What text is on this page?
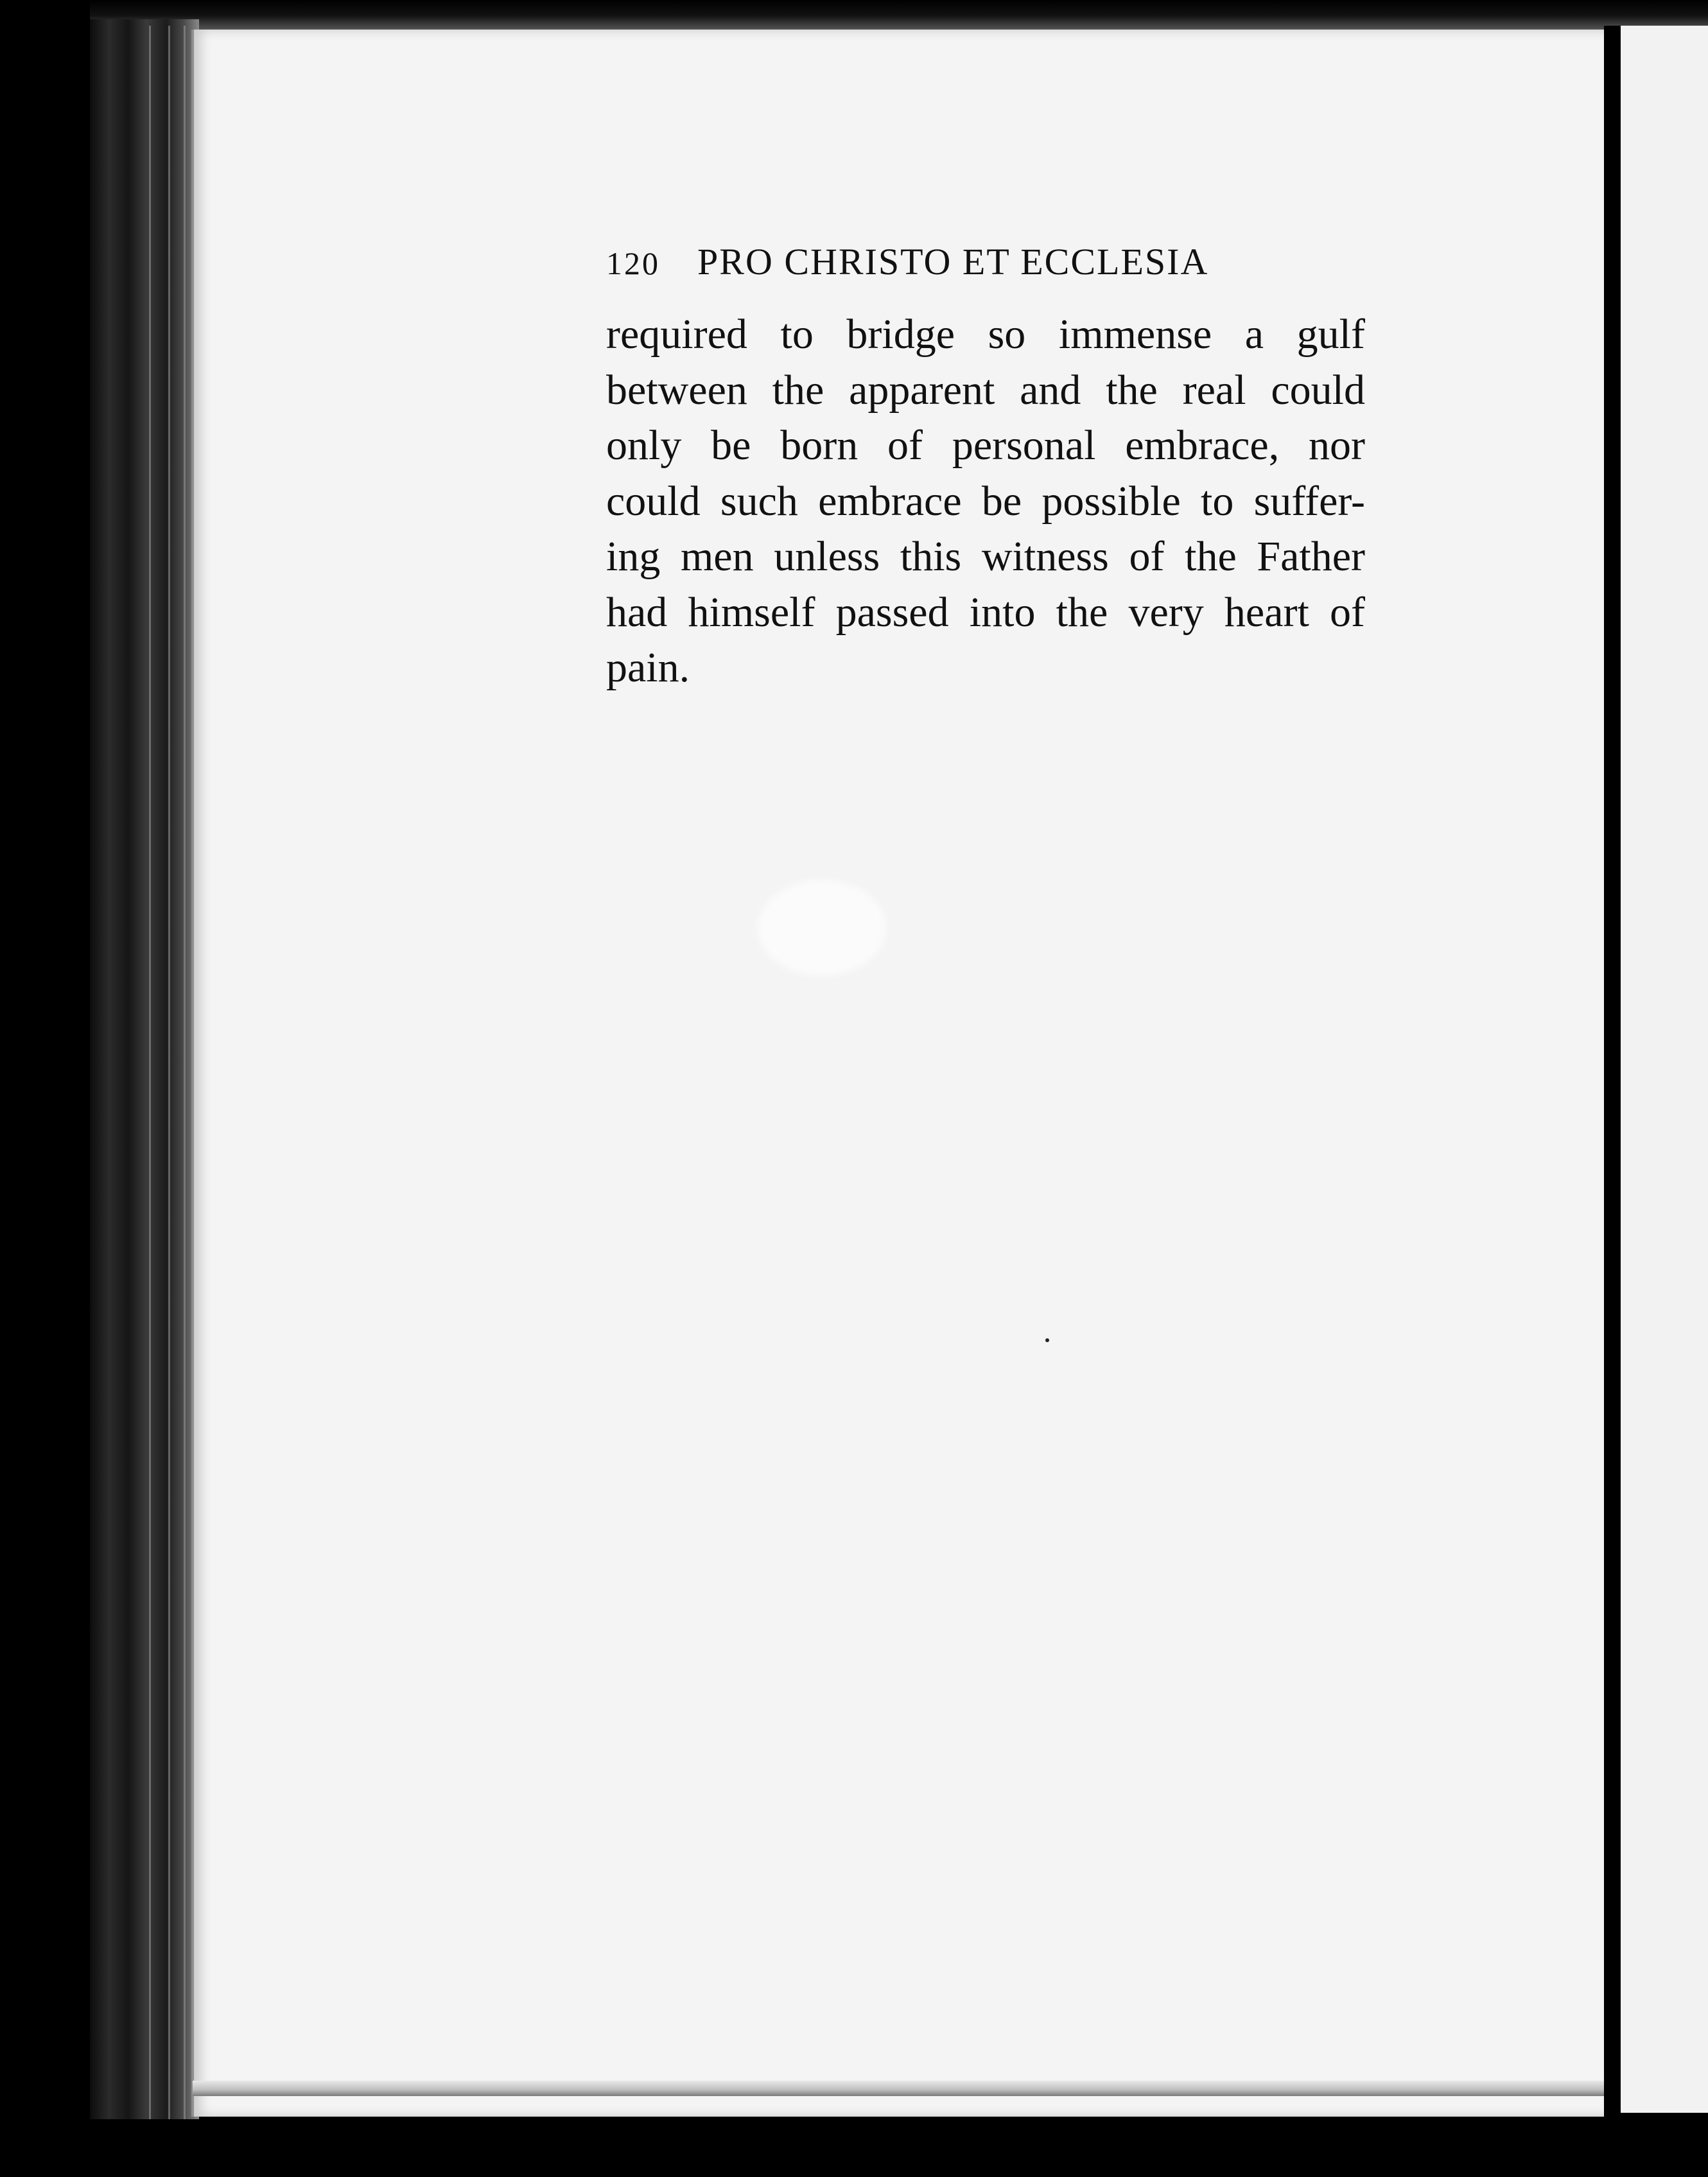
120 PRO CHRISTO ET ECCLESIA
required to bridge so immense a gulf
between the apparent and the real could
only be born of personal embrace, nor
could such embrace be possible to suffer-
ing men unless this witness of the Father
had himself passed into the very heart of
pain.
